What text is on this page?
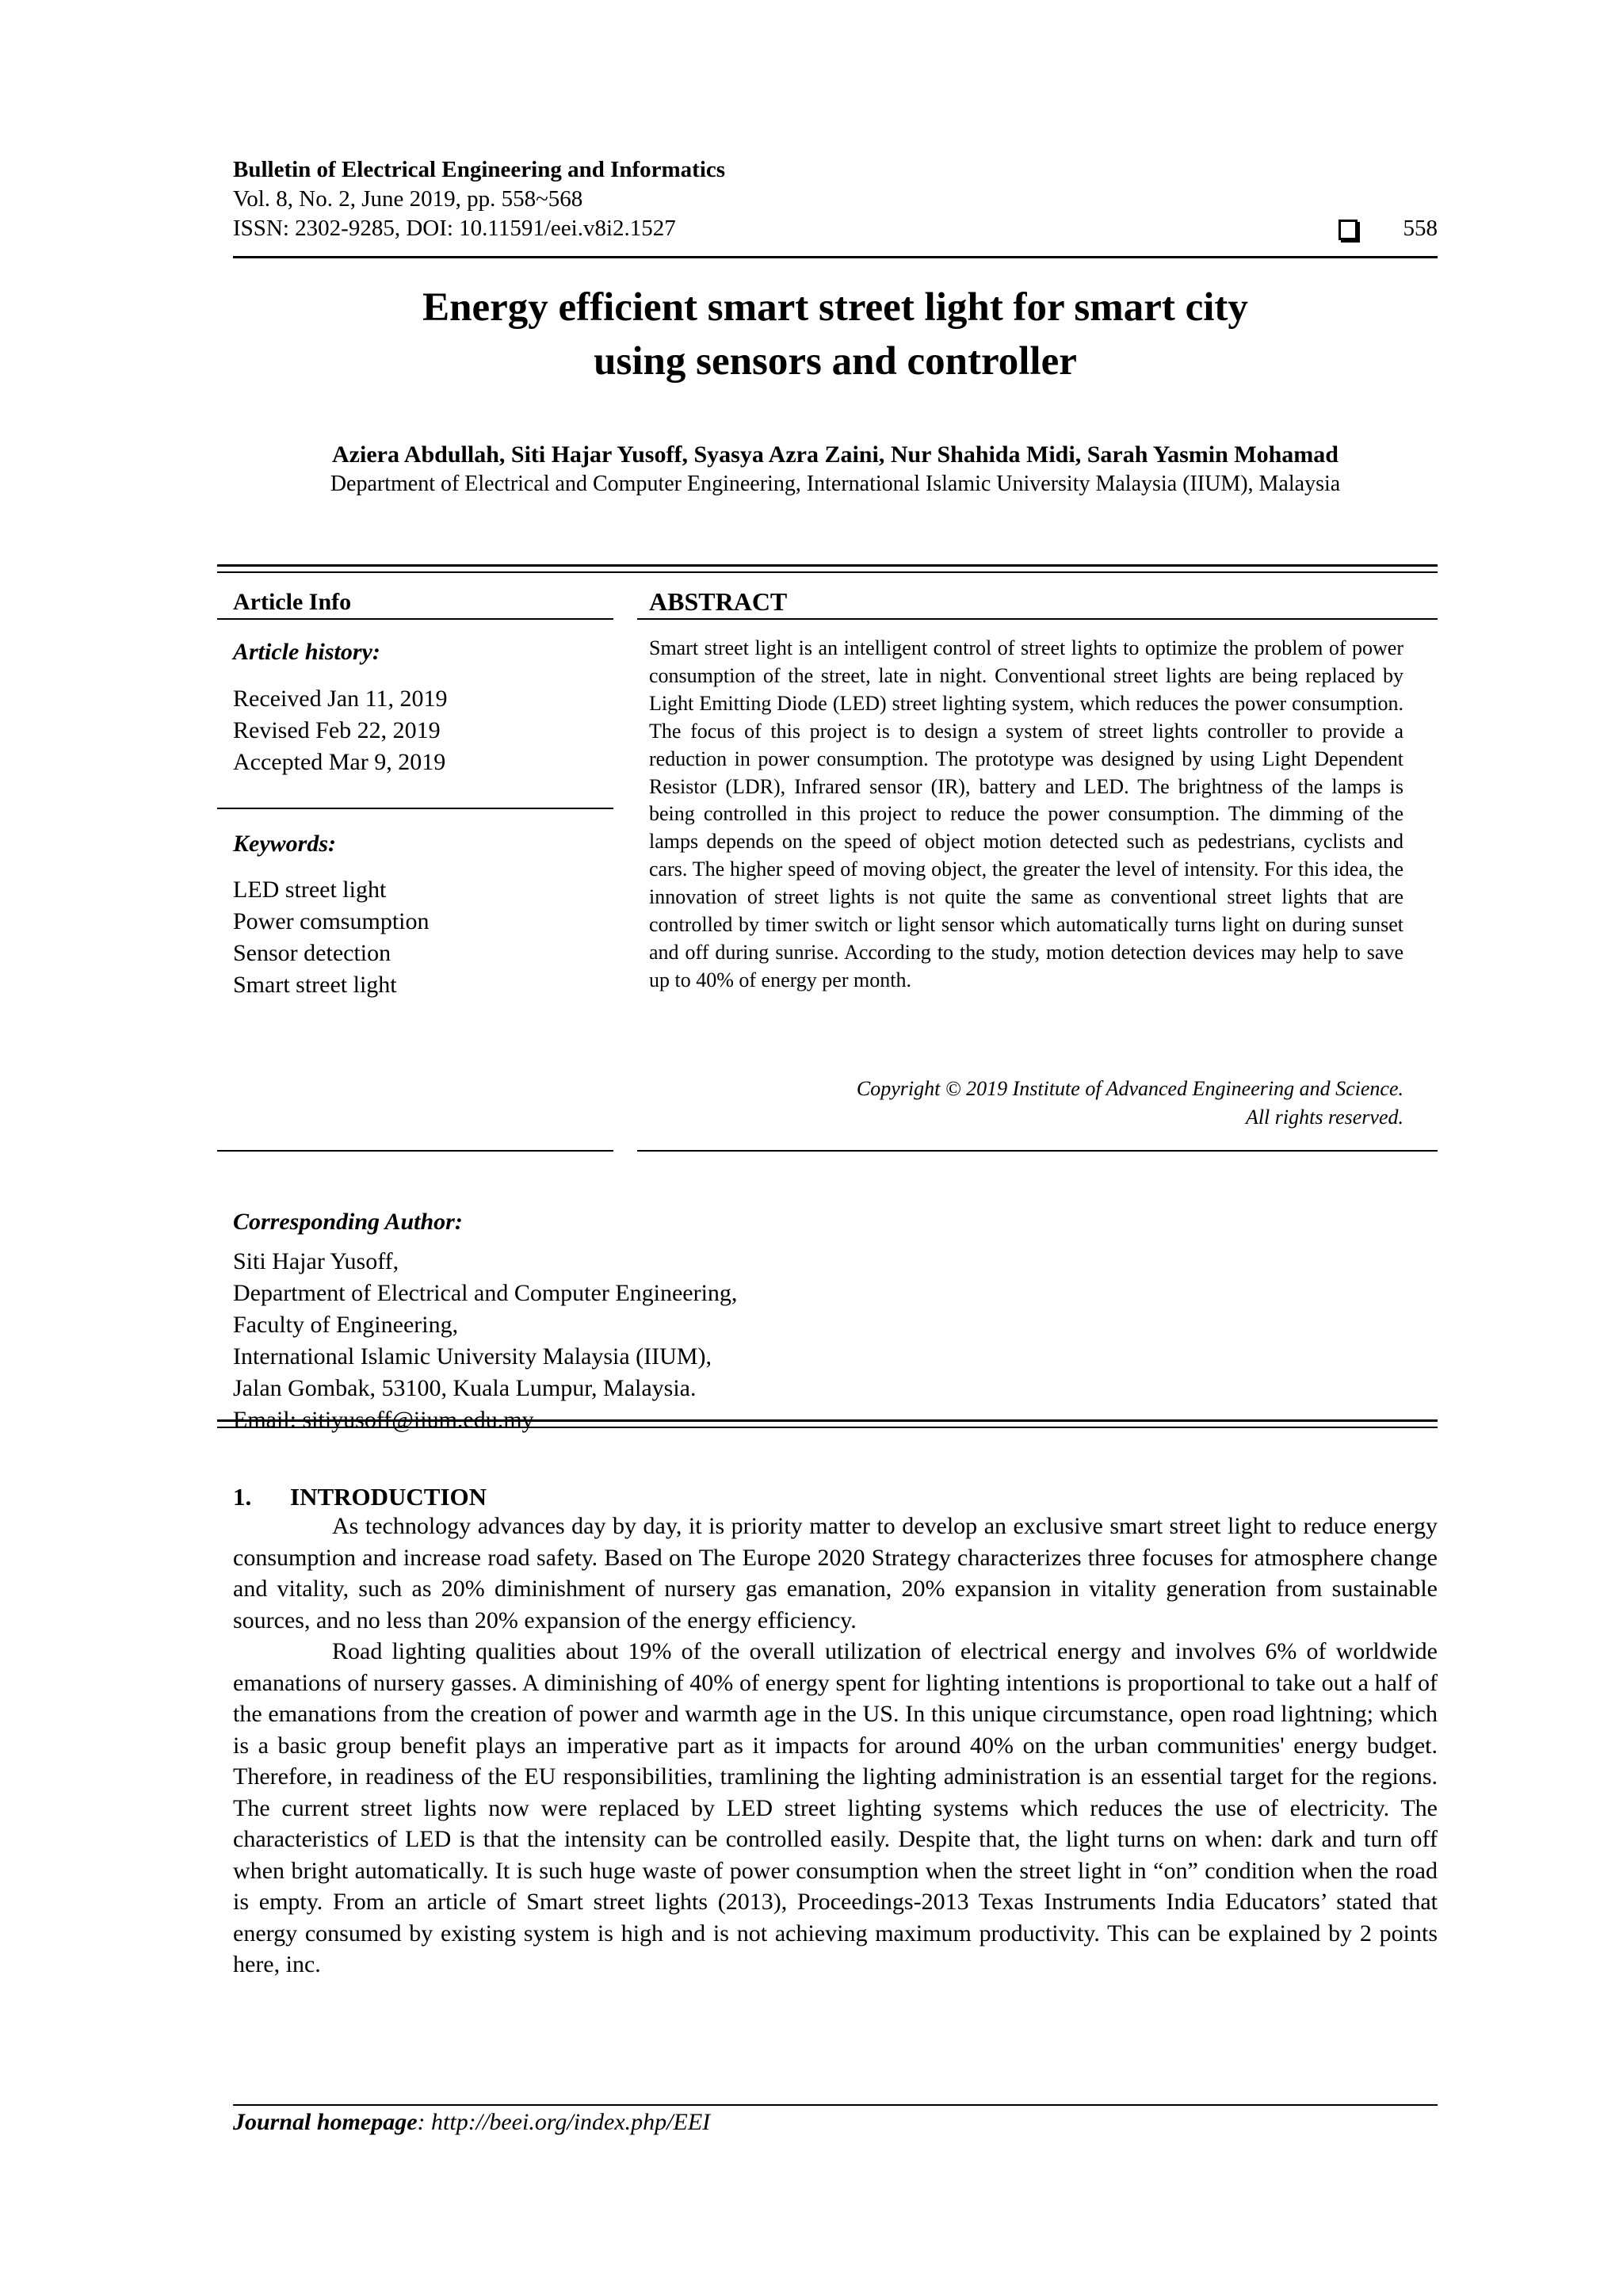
Bulletin of Electrical Engineering and Informatics
Vol. 8, No. 2, June 2019, pp. 558~568
ISSN: 2302-9285, DOI: 10.11591/eei.v8i2.1527	558
Energy efficient smart street light for smart city
using sensors and controller
Aziera Abdullah, Siti Hajar Yusoff, Syasya Azra Zaini, Nur Shahida Midi, Sarah Yasmin Mohamad
Department of Electrical and Computer Engineering, International Islamic University Malaysia (IIUM), Malaysia
Article Info
Article history:
Received Jan 11, 2019
Revised Feb 22, 2019
Accepted Mar 9, 2019
Keywords:
LED street light
Power comsumption
Sensor detection
Smart street light
ABSTRACT
Smart street light is an intelligent control of street lights to optimize the problem of power consumption of the street, late in night. Conventional street lights are being replaced by Light Emitting Diode (LED) street lighting system, which reduces the power consumption. The focus of this project is to design a system of street lights controller to provide a reduction in power consumption. The prototype was designed by using Light Dependent Resistor (LDR), Infrared sensor (IR), battery and LED. The brightness of the lamps is being controlled in this project to reduce the power consumption. The dimming of the lamps depends on the speed of object motion detected such as pedestrians, cyclists and cars. The higher speed of moving object, the greater the level of intensity. For this idea, the innovation of street lights is not quite the same as conventional street lights that are controlled by timer switch or light sensor which automatically turns light on during sunset and off during sunrise. According to the study, motion detection devices may help to save up to 40% of energy per month.
Copyright © 2019 Institute of Advanced Engineering and Science.
All rights reserved.
Corresponding Author:
Siti Hajar Yusoff,
Department of Electrical and Computer Engineering,
Faculty of Engineering,
International Islamic University Malaysia (IIUM),
Jalan Gombak, 53100, Kuala Lumpur, Malaysia.
Email: sitiyusoff@iium.edu.my
1. INTRODUCTION

As technology advances day by day, it is priority matter to develop an exclusive smart street light to reduce energy consumption and increase road safety. Based on The Europe 2020 Strategy characterizes three focuses for atmosphere change and vitality, such as 20% diminishment of nursery gas emanation, 20% expansion in vitality generation from sustainable sources, and no less than 20% expansion of the energy efficiency.

Road lighting qualities about 19% of the overall utilization of electrical energy and involves 6% of worldwide emanations of nursery gasses. A diminishing of 40% of energy spent for lighting intentions is proportional to take out a half of the emanations from the creation of power and warmth age in the US. In this unique circumstance, open road lightning; which is a basic group benefit plays an imperative part as it impacts for around 40% on the urban communities' energy budget. Therefore, in readiness of the EU responsibilities, tramlining the lighting administration is an essential target for the regions. The current street lights now were replaced by LED street lighting systems which reduces the use of electricity. The characteristics of LED is that the intensity can be controlled easily. Despite that, the light turns on when: dark and turn off when bright automatically. It is such huge waste of power consumption when the street light in “on” condition when the road is empty. From an article of Smart street lights (2013), Proceedings-2013 Texas Instruments India Educators’ stated that energy consumed by existing system is high and is not achieving maximum productivity. This can be explained by 2 points here, inc.

Journal homepage: http://beei.org/index.php/EEI
